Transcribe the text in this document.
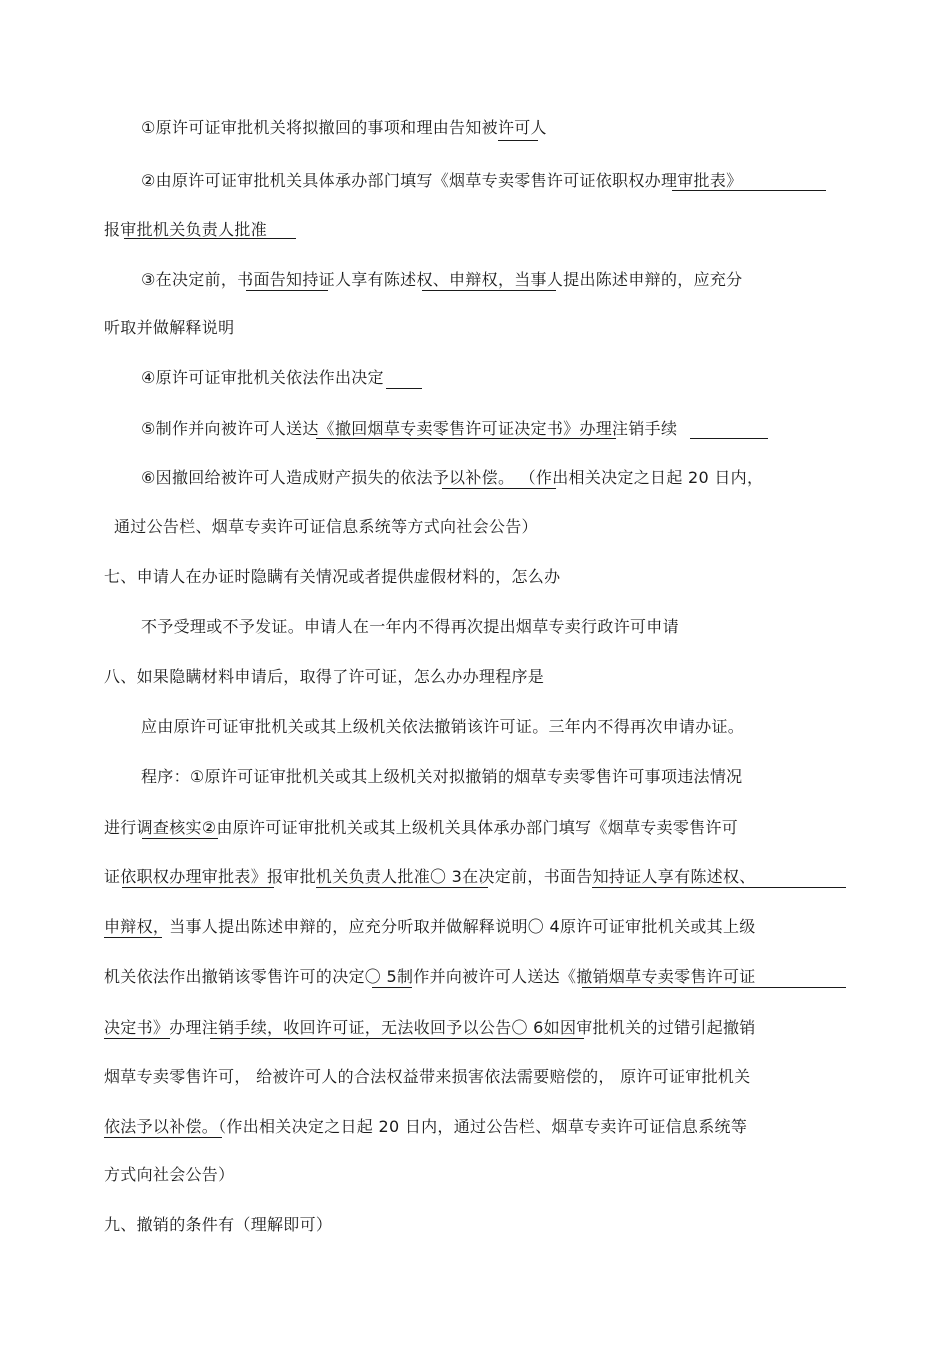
①原许可证审批机关将拟撤回的事项和理由告知被许可人
②由原许可证审批机关具体承办部门填写《烟草专卖零售许可证依职权办理审批表》
报审批机关负责人批准
③在决定前，书面告知持证人享有陈述权、申辩权，当事人提出陈述申辩的，应充分
听取并做解释说明
④原许可证审批机关依法作出决定
⑤制作并向被许可人送达《撤回烟草专卖零售许可证决定书》办理注销手续
⑥因撤回给被许可人造成财产损失的依法予以补偿。 （作出相关决定之日起 20 日内，
通过公告栏、烟草专卖许可证信息系统等方式向社会公告）
七、申请人在办证时隐瞒有关情况或者提供虚假材料的，怎么办
不予受理或不予发证。申请人在一年内不得再次提出烟草专卖行政许可申请
八、如果隐瞒材料申请后，取得了许可证，怎么办办理程序是
应由原许可证审批机关或其上级机关依法撤销该许可证。三年内不得再次申请办证。
程序：①原许可证审批机关或其上级机关对拟撤销的烟草专卖零售许可事项违法情况
进行调查核实②由原许可证审批机关或其上级机关具体承办部门填写《烟草专卖零售许可
证依职权办理审批表》报审批机关负责人批准〇 3在决定前，书面告知持证人享有陈述权、
申辩权，当事人提出陈述申辩的，应充分听取并做解释说明〇 4原许可证审批机关或其上级
机关依法作出撤销该零售许可的决定〇 5制作并向被许可人送达《撤销烟草专卖零售许可证
决定书》办理注销手续，收回许可证，无法收回予以公告〇 6如因审批机关的过错引起撤销
烟草专卖零售许可， 给被许可人的合法权益带来损害依法需要赔偿的， 原许可证审批机关
依法予以补偿。（作出相关决定之日起 20 日内，通过公告栏、烟草专卖许可证信息系统等
方式向社会公告）
九、撤销的条件有（理解即可）
